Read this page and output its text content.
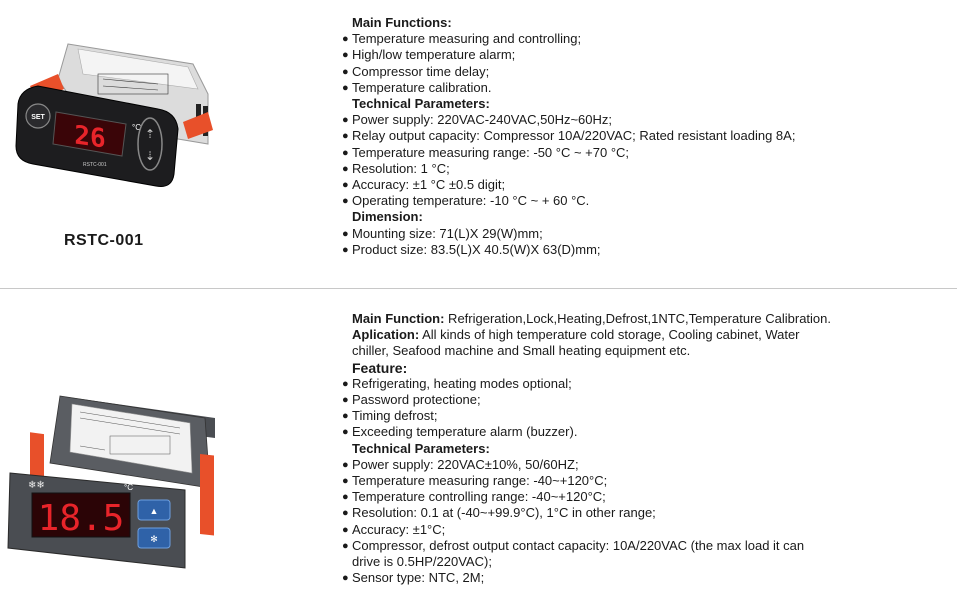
SET
26	°C
RSTC-001
⇡
⇣
RSTC-001
Main Functions:
● Temperature measuring and controlling;
● High/low temperature alarm;
● Compressor time delay;
● Temperature calibration.
Technical Parameters:
● Power supply: 220VAC-240VAC,50Hz~60Hz;
● Relay output capacity: Compressor 10A/220VAC; Rated resistant loading 8A;
● Temperature measuring range: -50 °C ~ +70 °C;
● Resolution: 1 °C;
● Accuracy: ±1 °C ±0.5 digit;
● Operating temperature: -10 °C ~ + 60 °C.
Dimension:
● Mounting size: 71(L)X 29(W)mm;
● Product size: 83.5(L)X 40.5(W)X 63(D)mm;
❄❄
18.5
°C
▲
✻
Main Function: Refrigeration,Lock,Heating,Defrost,1NTC,Temperature Calibration.
Aplication: All kinds of high temperature cold storage, Cooling cabinet, Water
chiller, Seafood machine and Small heating equipment etc.
Feature:
● Refrigerating, heating modes optional;
● Password protectione;
● Timing defrost;
● Exceeding temperature alarm (buzzer).
Technical Parameters:
● Power supply: 220VAC±10%, 50/60HZ;
● Temperature measuring range: -40~+120°C;
● Temperature controlling range: -40~+120°C;
● Resolution: 0.1 at (-40~+99.9°C), 1°C in other range;
● Accuracy: ±1°C;
● Compressor, defrost output contact capacity: 10A/220VAC (the max load it can
drive is 0.5HP/220VAC);
● Sensor type: NTC, 2M;
